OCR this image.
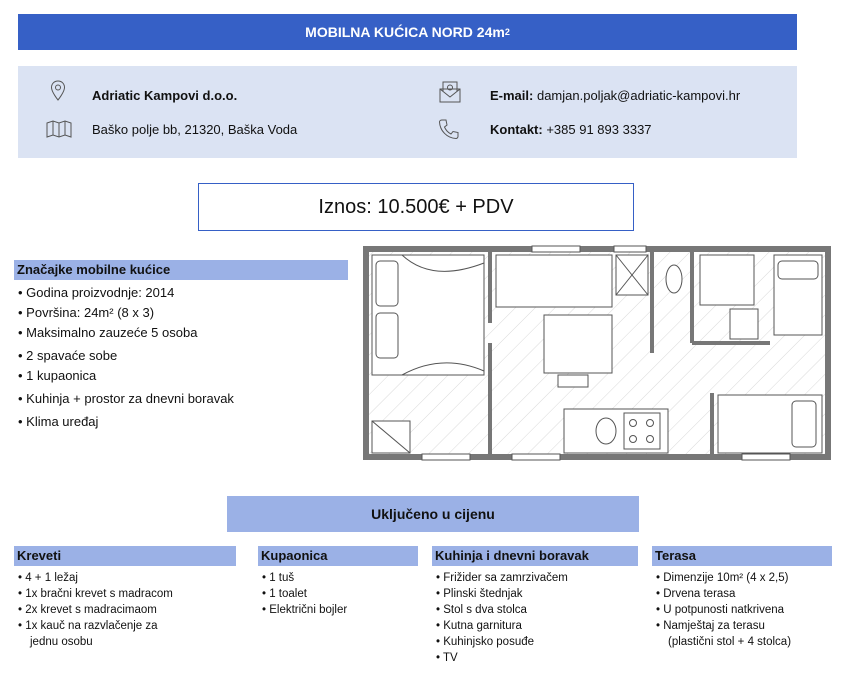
MOBILNA KUĆICA NORD 24m 2
Adriatic Kampovi d.o.o.
Baško polje bb, 21320, Baška Voda
E-mail: damjan.poljak@adriatic-kampovi.hr
Kontakt: +385 91 893 3337
Iznos: 10.500€ + PDV
Značajke mobilne kućice
• Godina proizvodnje: 2014
• Površina: 24m² (8 x 3)
• Maksimalno zauzeće 5 osoba
• 2 spavaće sobe
• 1 kupaonica
• Kuhinja + prostor za dnevni boravak
• Klima uređaj
Uključeno u cijenu
Kreveti
• 4 + 1 ležaj
• 1x bračni krevet s madracom
• 2x krevet s madracimaom
• 1x kauč na razvlačenje za
jednu osobu
Kupaonica
• 1 tuš
• 1 toalet
• Električni bojler
Kuhinja i dnevni boravak
• Frižider sa zamrzivačem
• Plinski štednjak
• Stol s dva stolca
• Kutna garnitura
• Kuhinjsko posuđe
• TV
Terasa
• Dimenzije 10m² (4 x 2,5)
• Drvena terasa
• U potpunosti natkrivena
• Namještaj za terasu
(plastični stol + 4 stolca)
